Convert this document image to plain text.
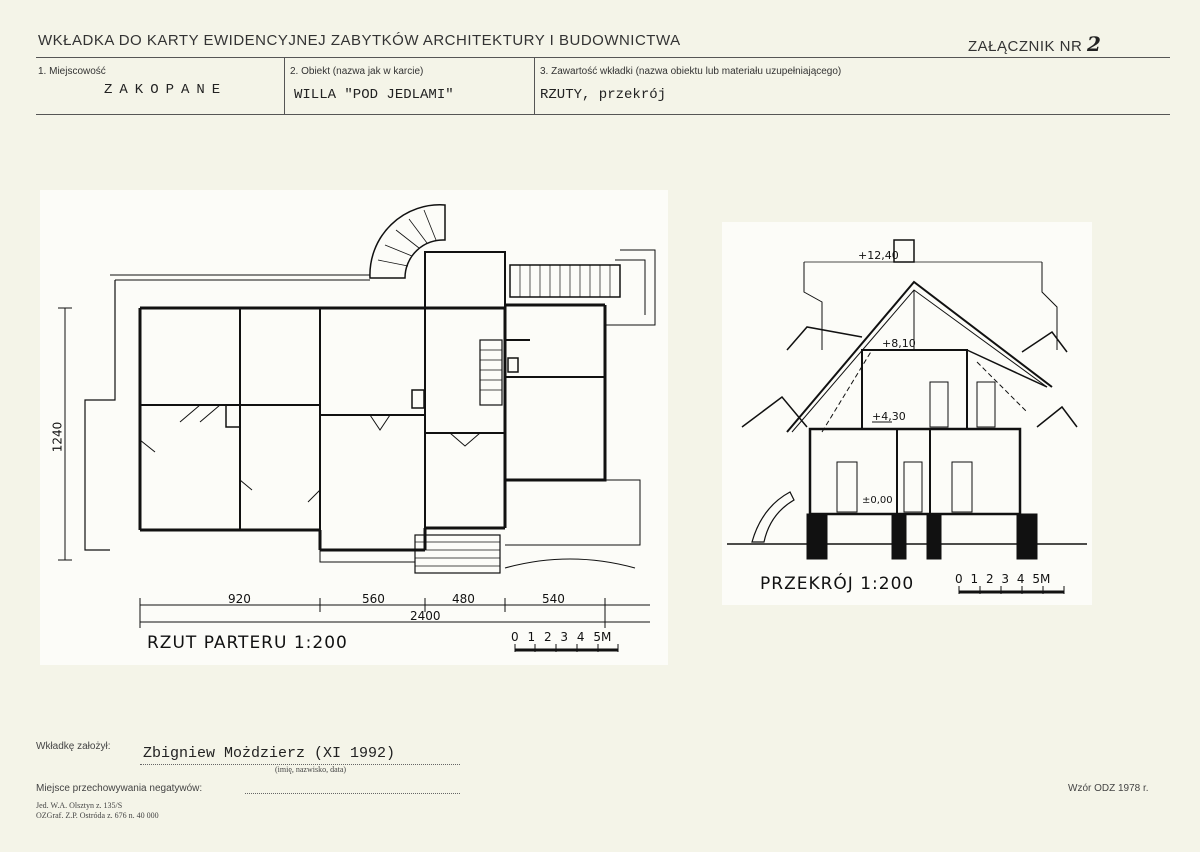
WKŁADKA DO KARTY EWIDENCYJNEJ ZABYTKÓW ARCHITEKTURY I BUDOWNICTWA	ZAŁĄCZNIK NR 2
1. Miejscowość
ZAKOPANE
2. Obiekt (nazwa jak w karcie)
WILLA "POD JEDLAMI"
3. Zawartość wkładki (nazwa obiektu lub materiału uzupełniającego)
RZUTY, przekrój
920	560	480	540
2400
1240
RZUT PARTERU 1:200	0 1 2 3 4 5M
+12,40
+8,10
+4,30
±0,00
PRZEKRÓJ 1:200	0 1 2 3 4 5M
Wkładkę założył: Zbigniew Możdzierz (XI 1992)
(imię, nazwisko, data)
Miejsce przechowywania negatywów:
Jed. W.A. Olsztyn z. 135/S
OZGraf. Z.P. Ostróda z. 676 n. 40 000
Wzór ODZ 1978 r.
